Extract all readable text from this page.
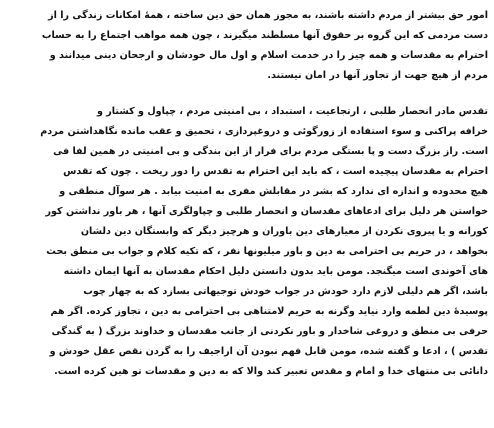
امور حق بیشتر از مردم داشته باشند، به مجوز همان حق دین ساخته ، همهٔ امکانات زندگی را از
دست مردمی که این گروه بر حقوق آنها مسلطند میگیرند ، چون همه مواهب اجتماع را به حساب
احترام به مقدسات و همه چیز را در خدمت اسلام و اول مال خودشان و ارجحان دینی میدانند و
مردم از هیچ جهت از تجاوز آنها در امان نیستند.
تقدس مادر انحصار طلبی ، ارتجاعیت ، استبداد ، بی امنیتی مردم ، چپاول و کشتار و
خرافه پراکنی و سوء استفاده از زورگوئی و دروغپردازی ، تحمیق و عقب مانده نگاهداشتن مردم
است. راز بزرگ دست و پا بستگی مردم برای فرار از این بندگی و بی امنیتی در همین لفا فی
احترام به مقدسان پیچیده است ، که باید این احترام به تقدس را دور ریخت . چون که تقدس
هیچ محدوده و اندازه ای ندارد که بشر در مقابلش مفری به امنیت بیابد . هر سوآل منطقی و
خواستن هر دلیل برای ادعاهای مقدسان و انحصار طلبی و چپاولگری آنها ، هر باور نداشتن کور
کورانه و یا پیروی نکردن از معیارهای دین باوران و هرچیز دیگر که وابستگان دین دلشان
بخواهد ، در حریم بی احترامی به دین و باور میلیونها نفر ، که تکیه کلام و جواب بی منطق بحث
های آخوندی است میگنجد. مومن باید بدون دانستن دلیل احکام مقدسان به آنها ایمان داشته
باشد، اگر هم دلیلی لازم دارد خودش در جواب خودش توجیهاتی بسازد که به چهار چوب
پوسیدهٔ دین لطمه وارد نیاید وگرنه به حریم لامتناهی بی احترامی به دین ، تجاوز کرده. اگر هم
حرفی بی منطق و دروغی شاخدار و باور نکردنی از جانب مقدسان و خداوند بزرگ ( به گندگی
تقدس ) ، ادعا و گفته شده، مومن قابل فهم نبودن آن اراجیف را به گردن نقص عقل خودش و
دانائی بی منتهای خدا و امام و مقدس تعبیر کند والا که به دین و مقدسات تو هین کرده است.
